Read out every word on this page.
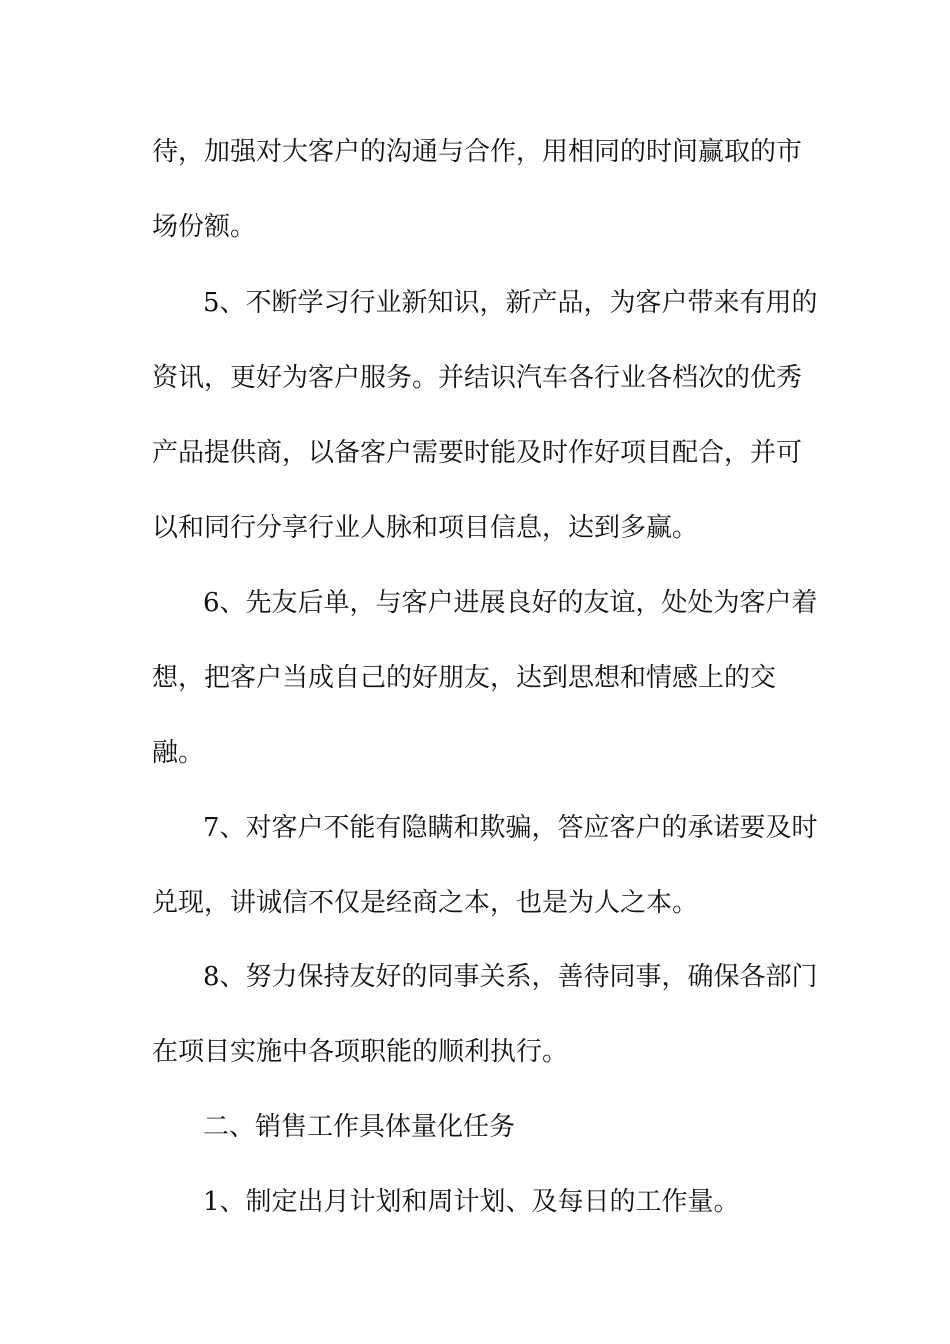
待，加强对大客户的沟通与合作，用相同的时间赢取的市

场份额。

5、不断学习行业新知识，新产品，为客户带来有用的

资讯，更好为客户服务。并结识汽车各行业各档次的优秀

产品提供商，以备客户需要时能及时作好项目配合，并可

以和同行分享行业人脉和项目信息，达到多赢。

6、先友后单，与客户进展良好的友谊，处处为客户着

想，把客户当成自己的好朋友，达到思想和情感上的交

融。

7、对客户不能有隐瞒和欺骗，答应客户的承诺要及时

兑现，讲诚信不仅是经商之本，也是为人之本。

8、努力保持友好的同事关系，善待同事，确保各部门

在项目实施中各项职能的顺利执行。

二、销售工作具体量化任务

1、制定出月计划和周计划、及每日的工作量。
